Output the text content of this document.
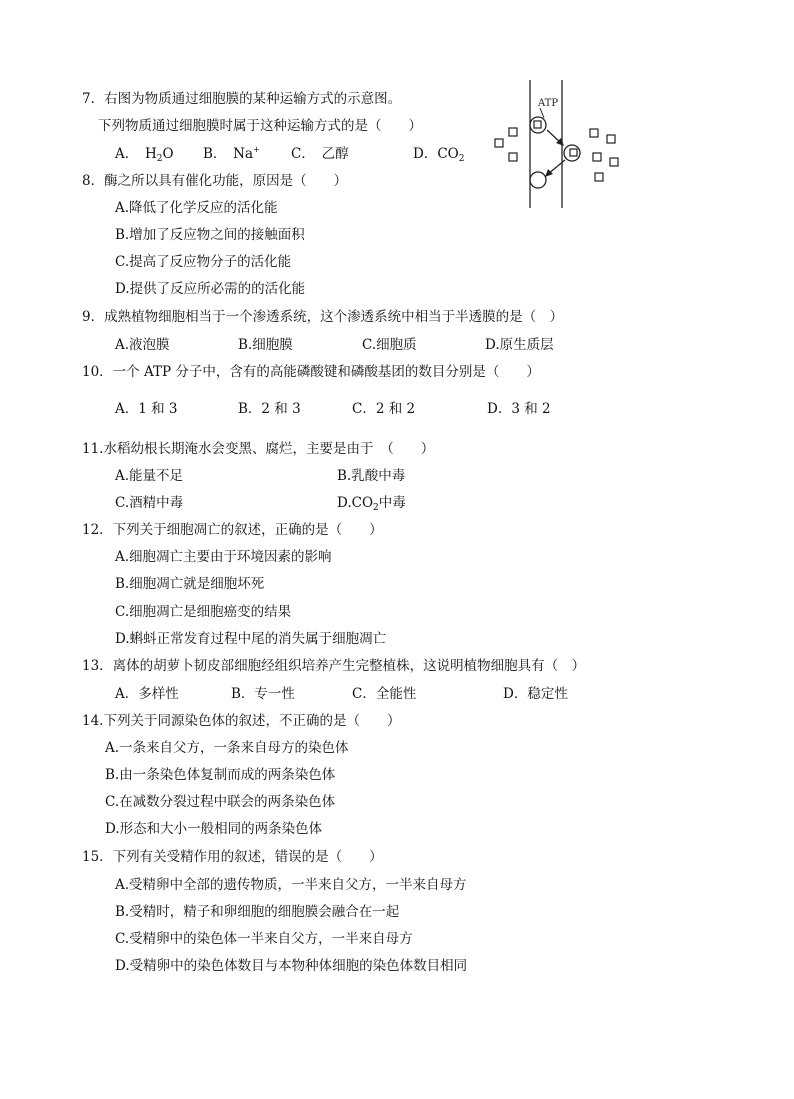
7．右图为物质通过细胞膜的某种运输方式的示意图。
下列物质通过细胞膜时属于这种运输方式的是（　　）
A．　$H_2O$ B．　Na+ C．　乙醇	D．$CO_2$
ATP
8．酶之所以具有催化功能，原因是（　　）
A.降低了化学反应的活化能
B.增加了反应物之间的接触面积
C.提高了反应物分子的活化能
D.提供了反应所必需的的活化能
9．成熟植物细胞相当于一个渗透系统，这个渗透系统中相当于半透膜的是（　）
A.液泡膜	B.细胞膜	C.细胞质	D.原生质层
10．一个 ATP 分子中，含有的高能磷酸键和磷酸基团的数目分别是（　　）
A．1 和 3	B．2 和 3	C．2 和 2	D．3 和 2
11.水稻幼根长期淹水会变黑、腐烂，主要是由于　（　　）
A.能量不足	B.乳酸中毒
C.酒精中毒	$D.CO_2$中毒
12．下列关于细胞凋亡的叙述，正确的是（　　）
A.细胞凋亡主要由于环境因素的影响
B.细胞凋亡就是细胞坏死
C.细胞凋亡是细胞癌变的结果
D.蝌蚪正常发育过程中尾的消失属于细胞凋亡
13．离体的胡萝卜韧皮部细胞经组织培养产生完整植株，这说明植物细胞具有（　）
A．多样性	B．专一性	C．全能性	D．稳定性
14.下列关于同源染色体的叙述，不正确的是（　　）
A.一条来自父方，一条来自母方的染色体
B.由一条染色体复制而成的两条染色体
C.在减数分裂过程中联会的两条染色体
D.形态和大小一般相同的两条染色体
15．下列有关受精作用的叙述，错误的是（　　）
A.受精卵中全部的遗传物质，一半来自父方，一半来自母方
B.受精时，精子和卵细胞的细胞膜会融合在一起
C.受精卵中的染色体一半来自父方，一半来自母方
D.受精卵中的染色体数目与本物种体细胞的染色体数目相同
